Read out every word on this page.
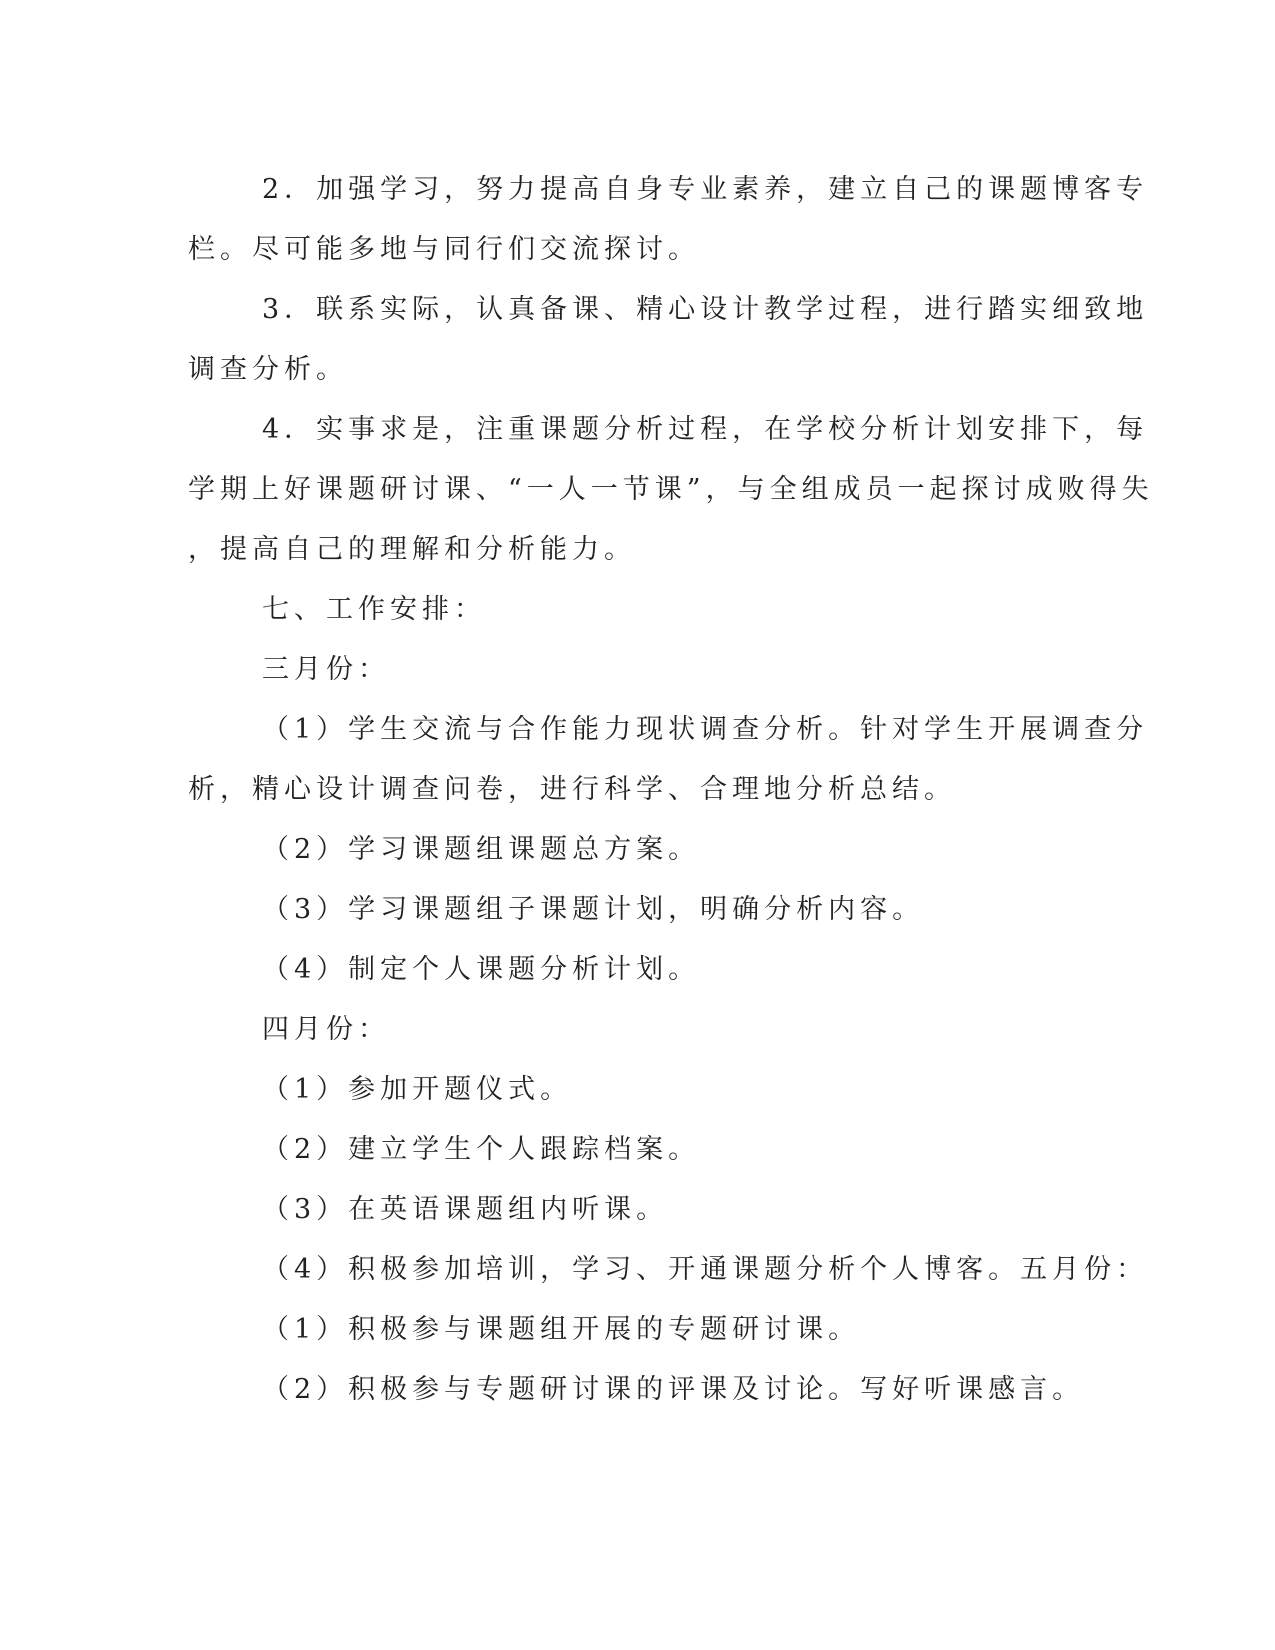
2．加强学习，努力提高自身专业素养，建立自己的课题博客专
栏。尽可能多地与同行们交流探讨。
3．联系实际，认真备课、精心设计教学过程，进行踏实细致地
调查分析。
4．实事求是，注重课题分析过程，在学校分析计划安排下，每
学期上好课题研讨课、“一人一节课”，与全组成员一起探讨成败得失
，提高自己的理解和分析能力。
七、工作安排：
三月份：
（1）学生交流与合作能力现状调查分析。针对学生开展调查分
析，精心设计调查问卷，进行科学、合理地分析总结。
（2）学习课题组课题总方案。
（3）学习课题组子课题计划，明确分析内容。
（4）制定个人课题分析计划。
四月份：
（1）参加开题仪式。
（2）建立学生个人跟踪档案。
（3）在英语课题组内听课。
（4）积极参加培训，学习、开通课题分析个人博客。五月份：
（1）积极参与课题组开展的专题研讨课。
（2）积极参与专题研讨课的评课及讨论。写好听课感言。
